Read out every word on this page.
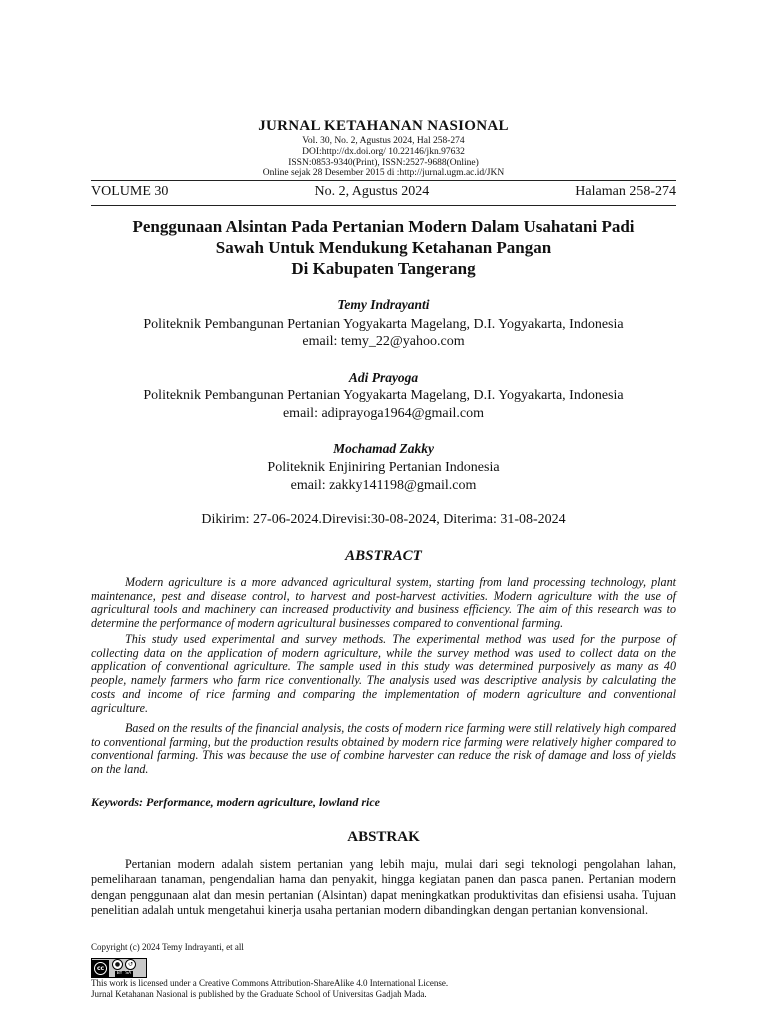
JURNAL KETAHANAN NASIONAL
Vol. 30, No. 2, Agustus 2024, Hal 258-274
DOI:http://dx.doi.org/ 10.22146/jkn.97632
ISSN:0853-9340(Print), ISSN:2527-9688(Online)
Online sejak 28 Desember 2015 di :http://jurnal.ugm.ac.id/JKN
VOLUME 30	No. 2, Agustus 2024	Halaman 258-274
Penggunaan Alsintan Pada Pertanian Modern Dalam Usahatani Padi
Sawah Untuk Mendukung Ketahanan Pangan
Di Kabupaten Tangerang
Temy Indrayanti
Politeknik Pembangunan Pertanian Yogyakarta Magelang, D.I. Yogyakarta, Indonesia
email: temy_22@yahoo.com
Adi Prayoga
Politeknik Pembangunan Pertanian Yogyakarta Magelang, D.I. Yogyakarta, Indonesia
email: adiprayoga1964@gmail.com
Mochamad Zakky
Politeknik Enjiniring Pertanian Indonesia
email: zakky141198@gmail.com
Dikirim: 27-06-2024.Direvisi:30-08-2024, Diterima: 31-08-2024
ABSTRACT

Modern agriculture is a more advanced agricultural system, starting from land processing technology, plant maintenance, pest and disease control, to harvest and post-harvest activities. Modern agriculture with the use of agricultural tools and machinery can increased productivity and business efficiency. The aim of this research was to determine the performance of modern agricultural businesses compared to conventional farming.

This study used experimental and survey methods. The experimental method was used for the purpose of collecting data on the application of modern agriculture, while the survey method was used to collect data on the application of conventional agriculture. The sample used in this study was determined purposively as many as 40 people, namely farmers who farm rice conventionally. The analysis used was descriptive analysis by calculating the costs and income of rice farming and comparing the implementation of modern agriculture and conventional agriculture.

Based on the results of the financial analysis, the costs of modern rice farming were still relatively high compared to conventional farming, but the production results obtained by modern rice farming were relatively higher compared to conventional farming. This was because the use of combine harvester can reduce the risk of damage and loss of yields on the land.

Keywords: Performance, modern agriculture, lowland rice
ABSTRAK

Pertanian modern adalah sistem pertanian yang lebih maju, mulai dari segi teknologi pengolahan lahan, pemeliharaan tanaman, pengendalian hama dan penyakit, hingga kegiatan panen dan pasca panen. Pertanian modern dengan penggunaan alat dan mesin pertanian (Alsintan) dapat meningkatkan produktivitas dan efisiensi usaha. Tujuan penelitian adalah untuk mengetahui kinerja usaha pertanian modern dibandingkan dengan pertanian konvensional.

Copyright (c) 2024 Temy Indrayanti, et all
cc	●	↺
BY SA
This work is licensed under a Creative Commons Attribution-ShareAlike 4.0 International License.
Jurnal Ketahanan Nasional is published by the Graduate School of Universitas Gadjah Mada.
